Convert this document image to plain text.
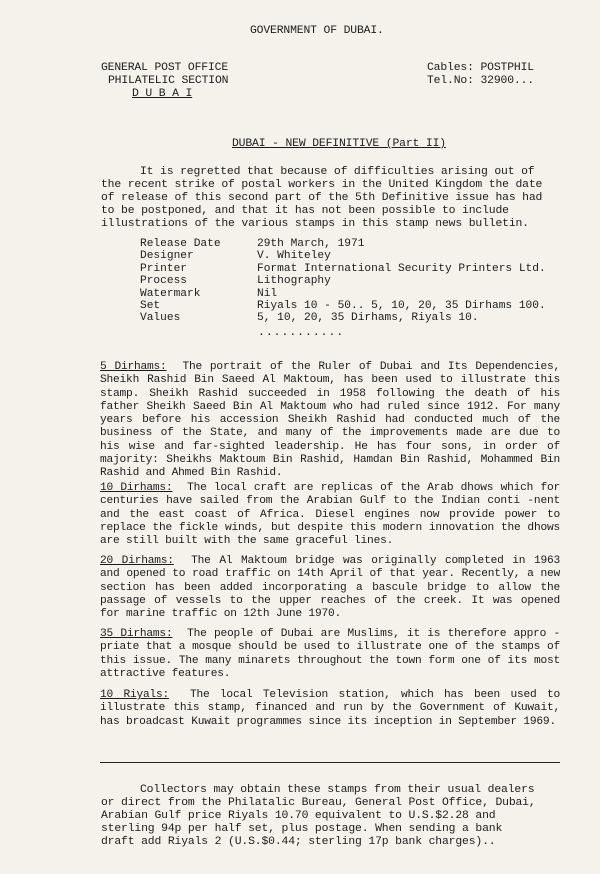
GOVERNMENT OF DUBAI.
GENERAL POST OFFICE
PHILATELIC SECTION
D U B A I
Cables: POSTPHIL
Tel.No: 32900...
DUBAI - NEW DEFINITIVE (Part II)
It is regretted that because of difficulties arising out of
the recent strike of postal workers in the United Kingdom the date
of release of this second part of the 5th Definitive issue has had
to be postponed, and that it has not been possible to include
illustrations of the various stamps in this stamp news bulletin.
Release Date	29th March, 1971
Designer	V. Whiteley
Printer	Format International Security Printers Ltd.
Process	Lithography
Watermark	Nil
Set	Riyals 10 - 50.. 5, 10, 20, 35 Dirhams 100.
Values	5, 10, 20, 35 Dirhams, Riyals 10.
...........
5 Dirhams: The portrait of the Ruler of Dubai and Its Dependencies, Sheikh Rashid Bin Saeed Al Maktoum, has been used to illustrate this stamp. Sheikh Rashid succeeded in 1958 following the death of his father Sheikh Saeed Bin Al Maktoum who had ruled since 1912. For many years before his accession Sheikh Rashid had conducted much of the business of the State, and many of the improvements made are due to his wise and far-sighted leadership. He has four sons, in order of majority: Sheikhs Maktoum Bin Rashid, Hamdan Bin Rashid, Mohammed Bin Rashid and Ahmed Bin Rashid.
10 Dirhams: The local craft are replicas of the Arab dhows which for centuries have sailed from the Arabian Gulf to the Indian conti -nent and the east coast of Africa. Diesel engines now provide power to replace the fickle winds, but despite this modern innovation the dhows are still built with the same graceful lines.
20 Dirhams: The Al Maktoum bridge was originally completed in 1963 and opened to road traffic on 14th April of that year. Recently, a new section has been added incorporating a bascule bridge to allow the passage of vessels to the upper reaches of the creek. It was opened for marine traffic on 12th June 1970.
35 Dirhams: The people of Dubai are Muslims, it is therefore appro -priate that a mosque should be used to illustrate one of the stamps of this issue. The many minarets throughout the town form one of its most attractive features.
10 Riyals: The local Television station, which has been used to illustrate this stamp, financed and run by the Government of Kuwait, has broadcast Kuwait programmes since its inception in September 1969.
Collectors may obtain these stamps from their usual dealers
or direct from the Philatalic Bureau, General Post Office, Dubai,
Arabian Gulf price Riyals 10.70 equivalent to U.S.$2.28 and
sterling 94p per half set, plus postage. When sending a bank
draft add Riyals 2 (U.S.$0.44; sterling 17p bank charges)..
